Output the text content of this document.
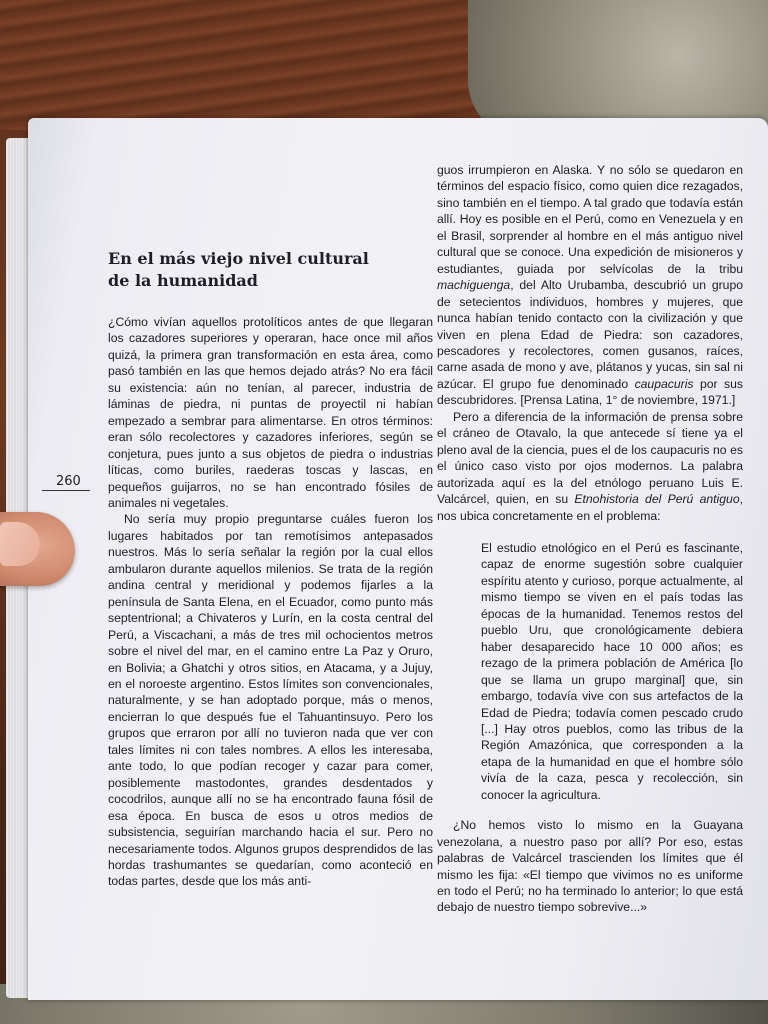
En el más viejo nivel cultural
de la humanidad

¿Cómo vivían aquellos protolíticos antes de que llegaran los cazadores superiores y operaran, hace once mil años quizá, la primera gran transformación en esta área, como pasó también en las que hemos dejado atrás? No era fácil su existencia: aún no tenían, al parecer, industria de láminas de piedra, ni puntas de proyectil ni habían empezado a sembrar para alimentarse. En otros términos: eran sólo recolectores y cazadores inferiores, según se conjetura, pues junto a sus objetos de piedra o industrias líticas, como buriles, raederas toscas y lascas, en pequeños guijarros, no se han encontrado fósiles de animales ni vegetales.

No sería muy propio preguntarse cuáles fueron los lugares habitados por tan remotísimos antepasados nuestros. Más lo sería señalar la región por la cual ellos ambularon durante aquellos milenios. Se trata de la región andina central y meridional y podemos fijarles a la península de Santa Elena, en el Ecuador, como punto más septentrional; a Chivateros y Lurín, en la costa central del Perú, a Viscachani, a más de tres mil ochocientos metros sobre el nivel del mar, en el camino entre La Paz y Oruro, en Bolivia; a Ghatchi y otros sitios, en Atacama, y a Jujuy, en el noroeste argentino. Estos límites son convencionales, naturalmente, y se han adoptado porque, más o menos, encierran lo que después fue el Tahuantinsuyo. Pero los grupos que erraron por allí no tuvieron nada que ver con tales límites ni con tales nombres. A ellos les interesaba, ante todo, lo que podían recoger y cazar para comer, posiblemente mastodontes, grandes desdentados y cocodrilos, aunque allí no se ha encontrado fauna fósil de esa época. En busca de esos u otros medios de subsistencia, seguirían marchando hacia el sur. Pero no necesariamente todos. Algunos grupos desprendidos de las hordas trashumantes se quedarían, como aconteció en todas partes, desde que los más anti-

guos irrumpieron en Alaska. Y no sólo se quedaron en términos del espacio físico, como quien dice rezagados, sino también en el tiempo. A tal grado que todavía están allí. Hoy es posible en el Perú, como en Venezuela y en el Brasil, sorprender al hombre en el más antiguo nivel cultural que se conoce. Una expedición de misioneros y estudiantes, guiada por selvícolas de la tribu machiguenga, del Alto Urubamba, descubrió un grupo de setecientos individuos, hombres y mujeres, que nunca habían tenido contacto con la civilización y que viven en plena Edad de Piedra: son cazadores, pescadores y recolectores, comen gusanos, raíces, carne asada de mono y ave, plátanos y yucas, sin sal ni azúcar. El grupo fue denominado caupacuris por sus descubridores. [Prensa Latina, 1° de noviembre, 1971.]

Pero a diferencia de la información de prensa sobre el cráneo de Otavalo, la que antecede sí tiene ya el pleno aval de la ciencia, pues el de los caupacuris no es el único caso visto por ojos modernos. La palabra autorizada aquí es la del etnólogo peruano Luis E. Valcárcel, quien, en su Etnohistoria del Perú antiguo, nos ubica concretamente en el problema:

El estudio etnológico en el Perú es fascinante, capaz de enorme sugestión sobre cualquier espíritu atento y curioso, porque actualmente, al mismo tiempo se viven en el país todas las épocas de la humanidad. Tenemos restos del pueblo Uru, que cronológicamente debiera haber desaparecido hace 10 000 años; es rezago de la primera población de América [lo que se llama un grupo marginal] que, sin embargo, todavía vive con sus artefactos de la Edad de Piedra; todavía comen pescado crudo [...] Hay otros pueblos, como las tribus de la Región Amazónica, que corresponden a la etapa de la humanidad en que el hombre sólo vivía de la caza, pesca y recolección, sin conocer la agricultura.

¿No hemos visto lo mismo en la Guayana venezolana, a nuestro paso por allí? Por eso, estas palabras de Valcárcel trascienden los límites que él mismo les fija: «El tiempo que vivimos no es uniforme en todo el Perú; no ha terminado lo anterior; lo que está debajo de nuestro tiempo sobrevive...»

260
